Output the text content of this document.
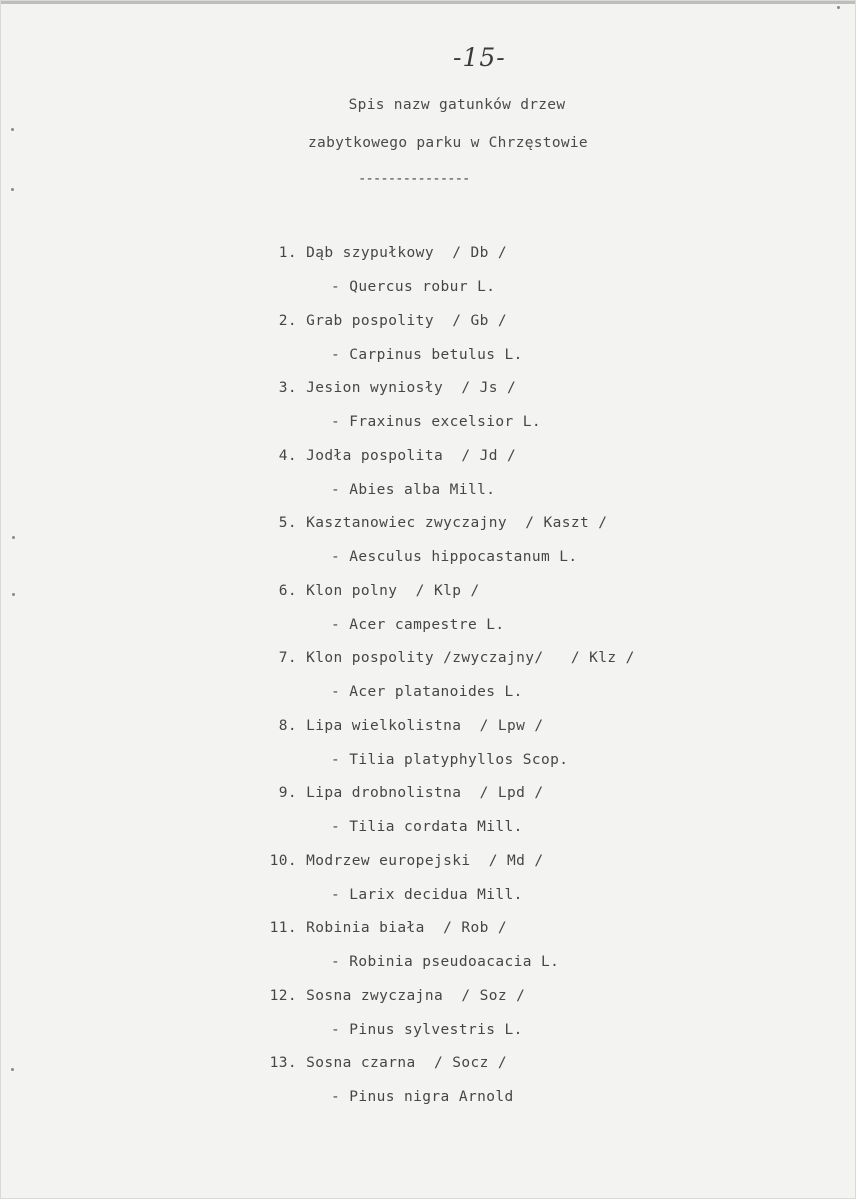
-15-
Spis nazw gatunków drzew
zabytkowego parku w Chrzęstowie
---------------
1. Dąb szypułkowy  / Db /
- Quercus robur L.
2. Grab pospolity  / Gb /
- Carpinus betulus L.
3. Jesion wyniosły  / Js /
- Fraxinus excelsior L.
4. Jodła pospolita  / Jd /
- Abies alba Mill.
5. Kasztanowiec zwyczajny  / Kaszt /
- Aesculus hippocastanum L.
6. Klon polny  / Klp /
- Acer campestre L.
7. Klon pospolity /zwyczajny/   / Klz /
- Acer platanoides L.
8. Lipa wielkolistna  / Lpw /
- Tilia platyphyllos Scop.
9. Lipa drobnolistna  / Lpd /
- Tilia cordata Mill.
10. Modrzew europejski  / Md /
- Larix decidua Mill.
11. Robinia biała  / Rob /
- Robinia pseudoacacia L.
12. Sosna zwyczajna  / Soz /
- Pinus sylvestris L.
13. Sosna czarna  / Socz /
- Pinus nigra Arnold
